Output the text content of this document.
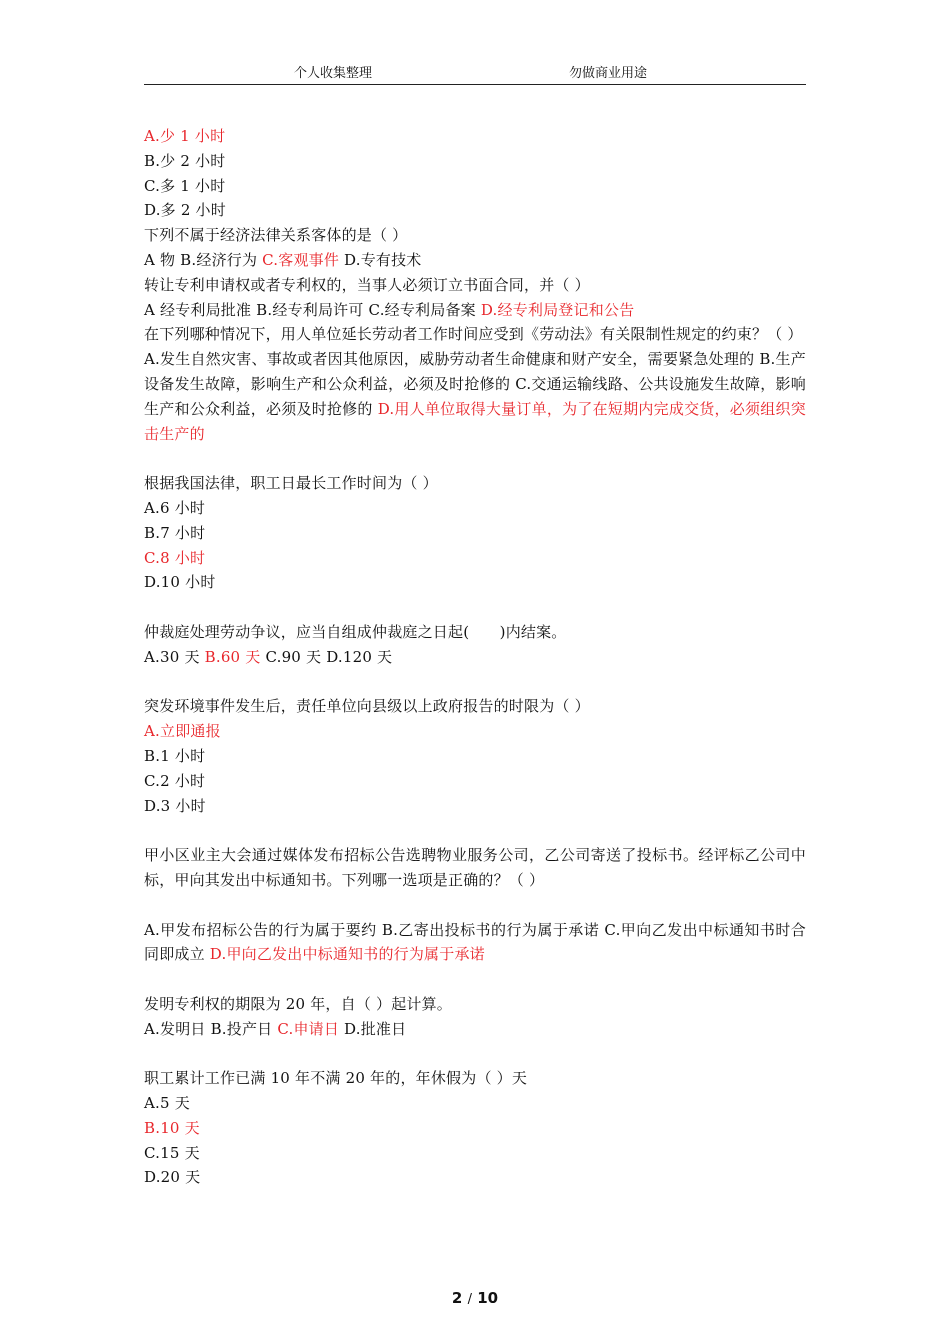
个人收集整理	勿做商业用途

A.少 1 小时

B.少 2 小时

C.多 1 小时

D.多 2 小时

下列不属于经济法律关系客体的是（ ）

A 物 B.经济行为 C.客观事件 D.专有技术

转让专利申请权或者专利权的，当事人必须订立书面合同，并（ ）

A 经专利局批准 B.经专利局许可 C.经专利局备案 D.经专利局登记和公告

在下列哪种情况下，用人单位延长劳动者工作时间应受到《劳动法》有关限制性规定的约束？（ ）

A.发生自然灾害、事故或者因其他原因，威胁劳动者生命健康和财产安全，需要紧急处理的 B.生产设备发生故障，影响生产和公众利益，必须及时抢修的 C.交通运输线路、公共设施发生故障，影响生产和公众利益，必须及时抢修的 D.用人单位取得大量订单，为了在短期内完成交货，必须组织突击生产的

根据我国法律，职工日最长工作时间为（ ）

A.6 小时

B.7 小时

C.8 小时

D.10 小时

仲裁庭处理劳动争议，应当自组成仲裁庭之日起(　　)内结案。

A.30 天 B.60 天 C.90 天 D.120 天

突发环境事件发生后，责任单位向县级以上政府报告的时限为（ ）

A.立即通报

B.1 小时

C.2 小时

D.3 小时

甲小区业主大会通过媒体发布招标公告选聘物业服务公司，乙公司寄送了投标书。经评标乙公司中标，甲向其发出中标通知书。下列哪一选项是正确的？（ ）

A.甲发布招标公告的行为属于要约 B.乙寄出投标书的行为属于承诺 C.甲向乙发出中标通知书时合同即成立 D.甲向乙发出中标通知书的行为属于承诺

发明专利权的期限为 20 年，自（ ）起计算。

A.发明日 B.投产日 C.申请日 D.批准日

职工累计工作已满 10 年不满 20 年的，年休假为（ ）天

A.5 天

B.10 天

C.15 天

D.20 天

2 / 10
